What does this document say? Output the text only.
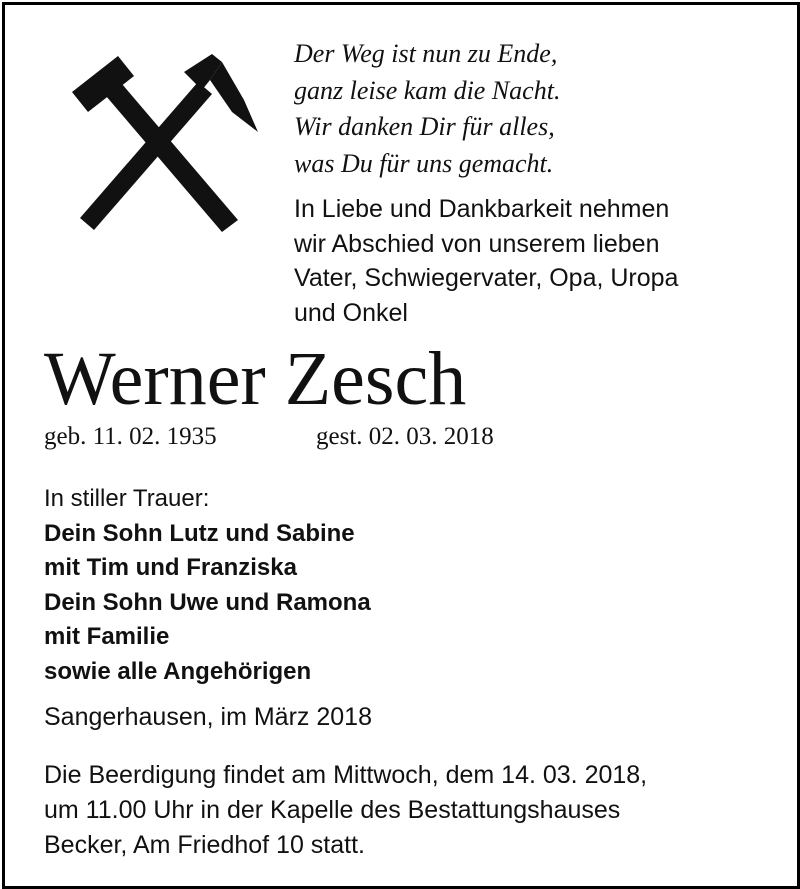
Der Weg ist nun zu Ende,
ganz leise kam die Nacht.
Wir danken Dir für alles,
was Du für uns gemacht.
In Liebe und Dankbarkeit nehmen
wir Abschied von unserem lieben
Vater, Schwiegervater, Opa, Uropa
und Onkel
Werner Zesch
geb. 11. 02. 1935	gest. 02. 03. 2018
In stiller Trauer:
Dein Sohn Lutz und Sabine
mit Tim und Franziska
Dein Sohn Uwe und Ramona
mit Familie
sowie alle Angehörigen
Sangerhausen, im März 2018
Die Beerdigung findet am Mittwoch, dem 14. 03. 2018,
um 11.00 Uhr in der Kapelle des Bestattungshauses
Becker, Am Friedhof 10 statt.
